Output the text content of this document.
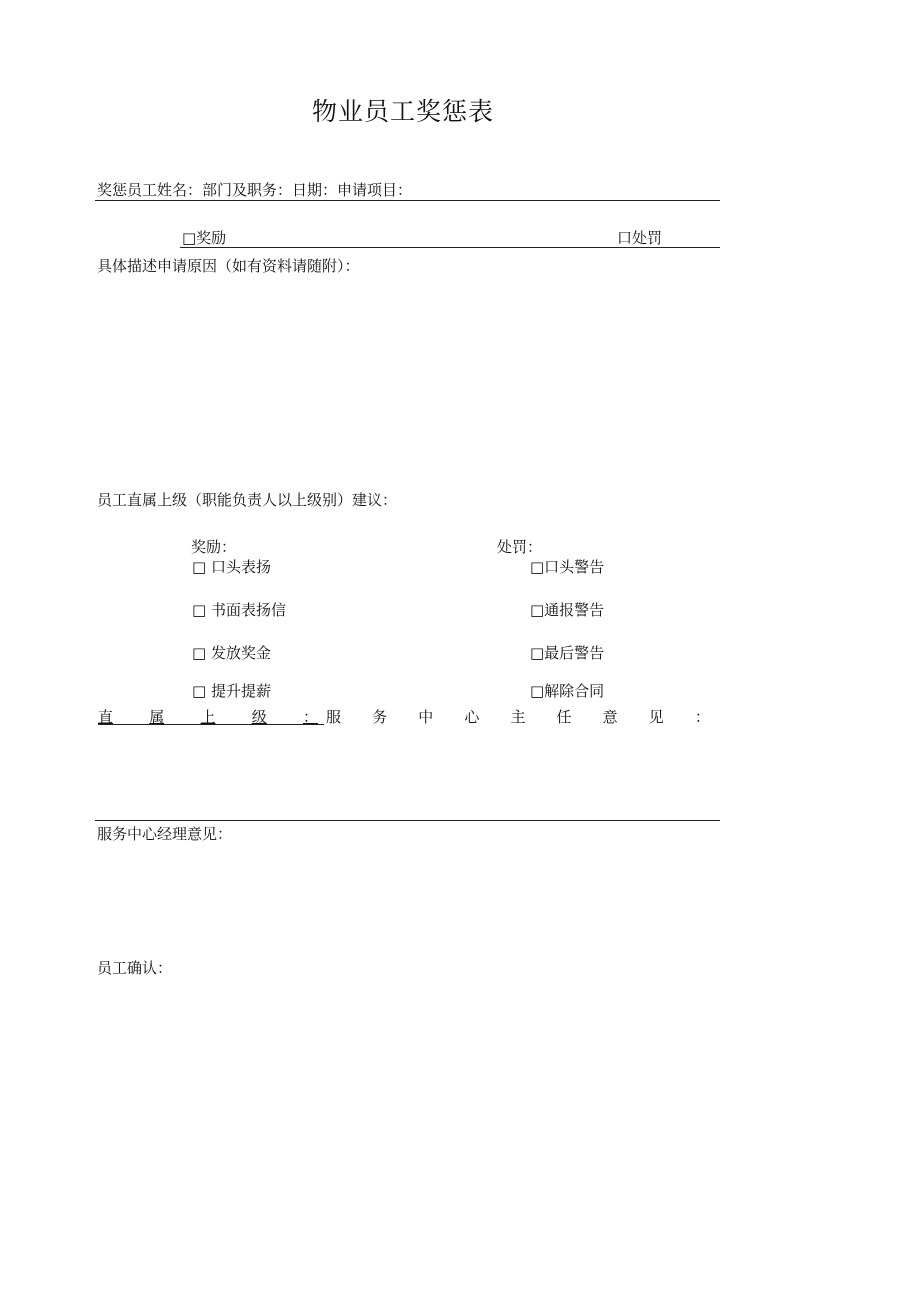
物业员工奖惩表
奖惩员工姓名：部门及职务：日期：申请项目：
□奖励	口处罚
具体描述申请原因（如有资料请随附）：
员工直属上级（职能负责人以上级别）建议：
奖励：	处罚：
□ 口头表扬
□ 书面表扬信
□ 发放奖金
□ 提升提薪
□口头警告
□通报警告
□最后警告
□解除合同
直 属 上 级 ： 服 务 中 心 主 任 意 见 ：
服务中心经理意见：
员工确认：
